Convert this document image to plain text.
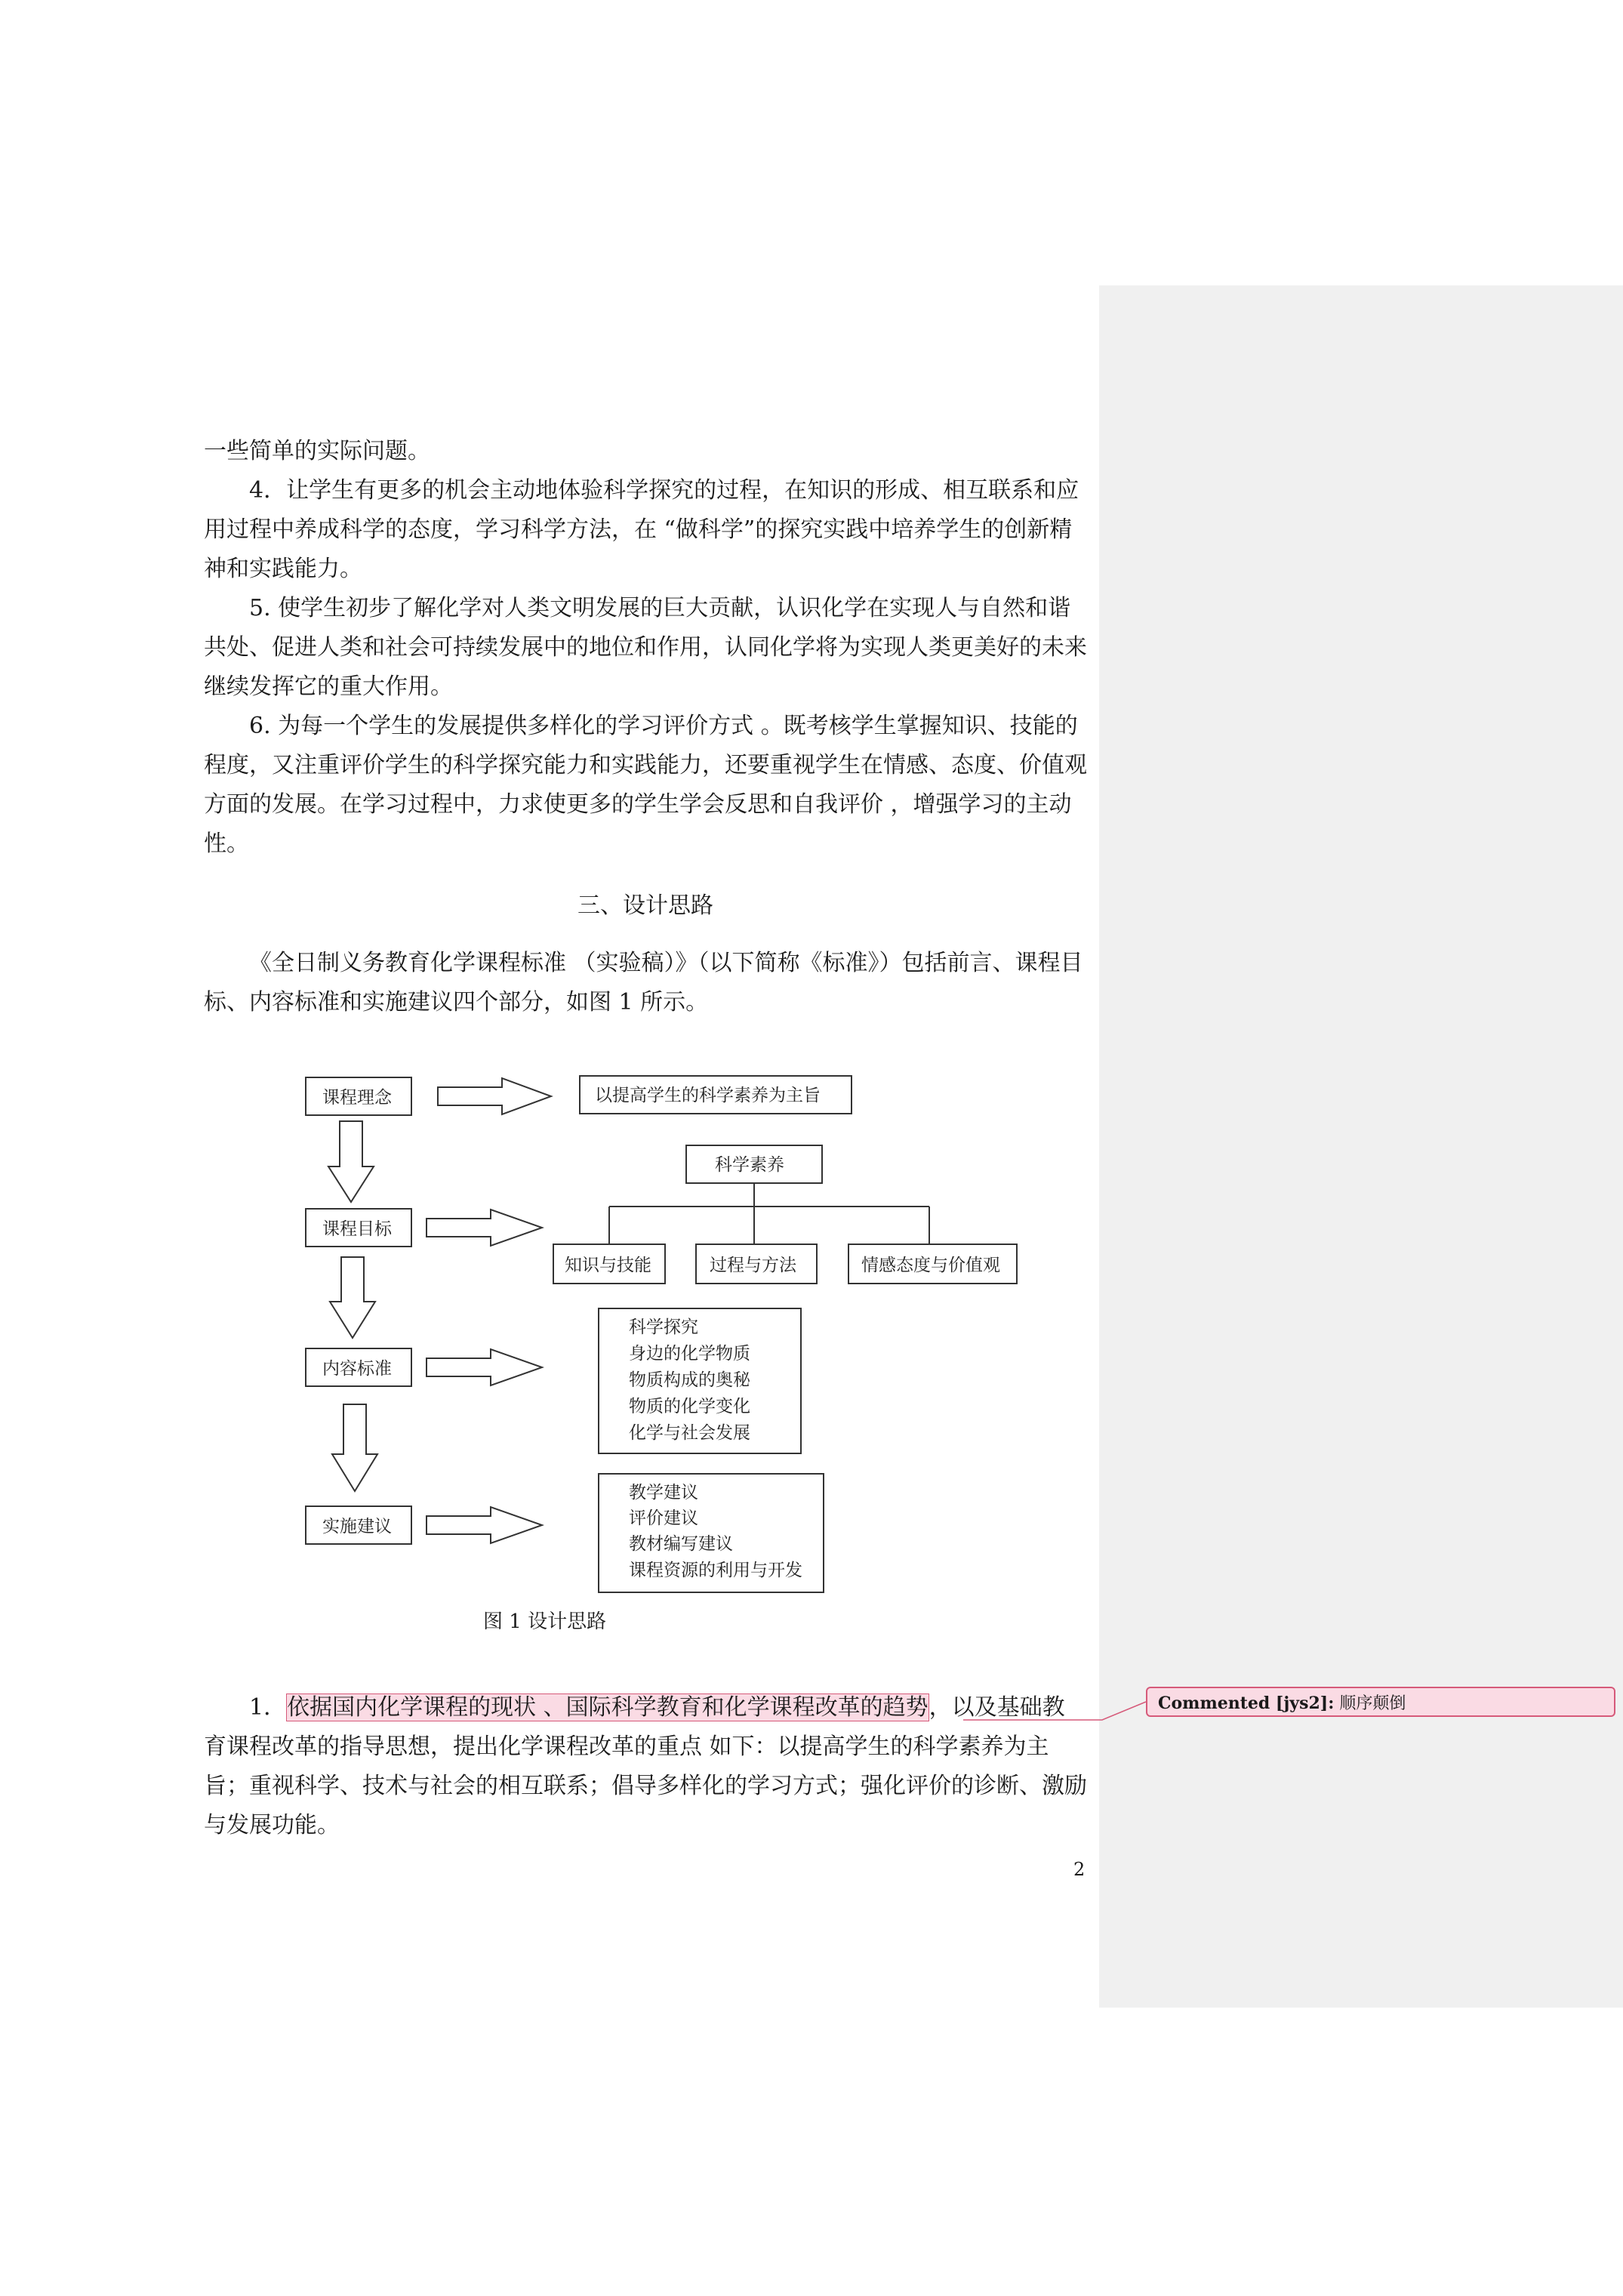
一些简单的实际问题。

4．让学生有更多的机会主动地体验科学探究的过程，在知识的形成、相互联系和应用过程中养成科学的态度，学习科学方法，在 “做科学”的探究实践中培养学生的创新精神和实践能力。

5. 使学生初步了解化学对人类文明发展的巨大贡献，认识化学在实现人与自然和谐共处、促进人类和社会可持续发展中的地位和作用，认同化学将为实现人类更美好的未来继续发挥它的重大作用。

6. 为每一个学生的发展提供多样化的学习评价方式 。既考核学生掌握知识、技能的程度，又注重评价学生的科学探究能力和实践能力，还要重视学生在情感、态度、价值观方面的发展。在学习过程中，力求使更多的学生学会反思和自我评价 ，增强学习的主动性。

三、设计思路

《全日制义务教育化学课程标准 （实验稿）》（以下简称《标准》）包括前言、课程目标、内容标准和实施建议四个部分，如图 1 所示。

课程理念
课程目标
内容标准
实施建议
以提高学生的科学素养为主旨
科学素养
知识与技能	过程与方法	情感态度与价值观
科学探究
身边的化学物质
物质构成的奥秘
物质的化学变化
化学与社会发展
教学建议
评价建议
教材编写建议
课程资源的利用与开发
图 1 设计思路

1．依据国内化学课程的现状 、国际科学教育和化学课程改革的趋势，以及基础教育课程改革的指导思想，提出化学课程改革的重点 如下：以提高学生的科学素养为主旨；重视科学、技术与社会的相互联系；倡导多样化的学习方式；强化评价的诊断、激励与发展功能。

Commented [jys2]: 顺序颠倒
2
